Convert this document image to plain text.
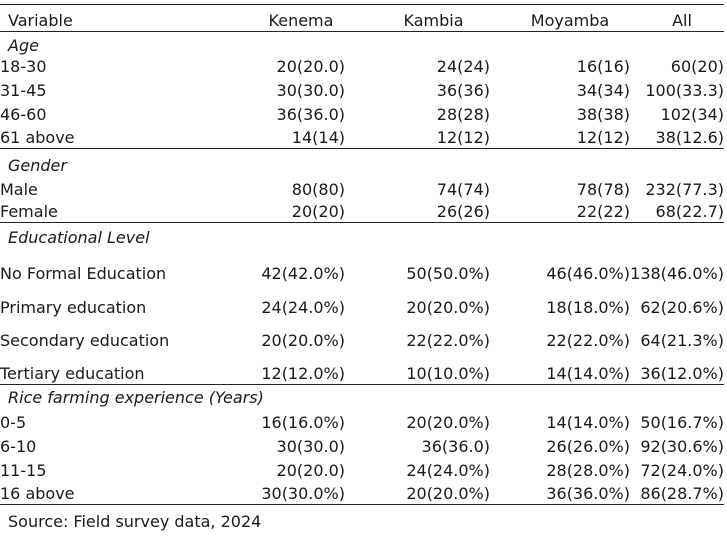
Variable	Kenema	Kambia	Moyamba	All
Age				
18-30	20(20.0)	24(24)	16(16)	60(20)
31-45	30(30.0)	36(36)	34(34)	100(33.3)
46-60	36(36.0)	28(28)	38(38)	102(34)
61 above	14(14)	12(12)	12(12)	38(12.6)
Gender				
Male	80(80)	74(74)	78(78)	232(77.3)
Female	20(20)	26(26)	22(22)	68(22.7)
Educational Level				
No Formal Education	42(42.0%)	50(50.0%)	46(46.0%)	138(46.0%)
Primary education	24(24.0%)	20(20.0%)	18(18.0%)	62(20.6%)
Secondary education	20(20.0%)	22(22.0%)	22(22.0%)	64(21.3%)
Tertiary education	12(12.0%)	10(10.0%)	14(14.0%)	36(12.0%)
Rice farming experience (Years)				
0-5	16(16.0%)	20(20.0%)	14(14.0%)	50(16.7%)
6-10	30(30.0)	36(36.0)	26(26.0%)	92(30.6%)
11-15	20(20.0)	24(24.0%)	28(28.0%)	72(24.0%)
16 above	30(30.0%)	20(20.0%)	36(36.0%)	86(28.7%)
Source: Field survey data, 2024
